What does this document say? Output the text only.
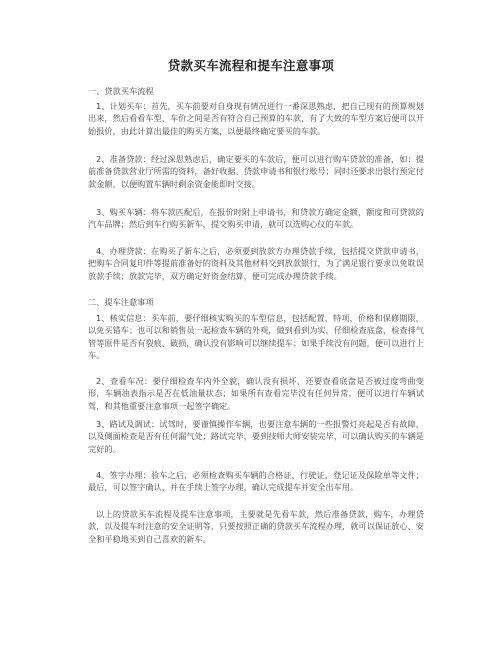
贷款买车流程和提车注意事项
一、贷款买车流程

1、计划买车：首先，买车前要对自身现有情况进行一番深思熟虑，把自己现有的预算规划出来，然后看看车型、车价之间是否有符合自己预算的车款，有了大致的车型方案后便可以开始报价，由此计算出最佳的购买方案，以便最终确定要买的车款。

2、准备贷款：经过深思熟虑后，确定要买的车款后，便可以进行购车贷款的准备，如：提前准备贷款营业厅所需的资料，备好收据、贷款申请书和银行账号；同时还要求出银行预定付款金额，以便购置车辆时剩余资金能即时交接。

3、购买车辆：将车款匹配后，在报价时附上申请书，和贷款方确定金额，额度和可贷款的汽车品牌；然后到车行购买新车，提交购买申请，就可以选购心仪的车款。

4、办理贷款：在购买了新车之后，必须要到放款方办理贷款手续，包括提交贷款申请书，把购车合同复印件等提前准备好的资料及其他材料交到放款银行，为了满足银行要求以免耽误放款手续；放款完毕，双方确定好资金结算，便可完成办理贷款手续。

二、提车注意事项

1、核实信息：买车前，要仔细核实购买的车型信息，包括配置，特项，价格和保修期限，以免买错车；也可以和销售员一起检查车辆的外观，做到看到为实，仔细检查底盘，检查排气管等原件是否有裂痕、破损，确认没有影响可以继续提车；如果手续没有问题，便可以进行上车。

2、查看车况：要仔细检查车内外全貌，确认没有损坏，还要查看底盘是否被过度弯曲变形，车辆油表指示是否在低油量状态；如果所有查看完毕没有任何异常，便可以进行车辆试驾，和其他重要注意事项一起签字确定。

3、路试及调试：试驾时，要谨慎操作车辆，也要注意车辆的一些报警灯亮起是否有故障，以及侧面检查是否有任何漏气处；路试完毕，要到技师大师安装完毕，可以确认购买的车辆是完好的。

4、签字办理：验车之后，必须检查购买车辆的合格证，行驶证，登记证及保险单等文件；最后，可以签字确认，并在手续上签字办理，确认完成提车并安全出车用。

以上的贷款买车流程及提车注意事项，主要就是先看车款，然后准备贷款，购车，办理贷款，以及提车时注意的安全证明等，只要按照正确的贷款买车流程办理，就可以保证放心、安全和平稳地买到自己喜欢的新车。
